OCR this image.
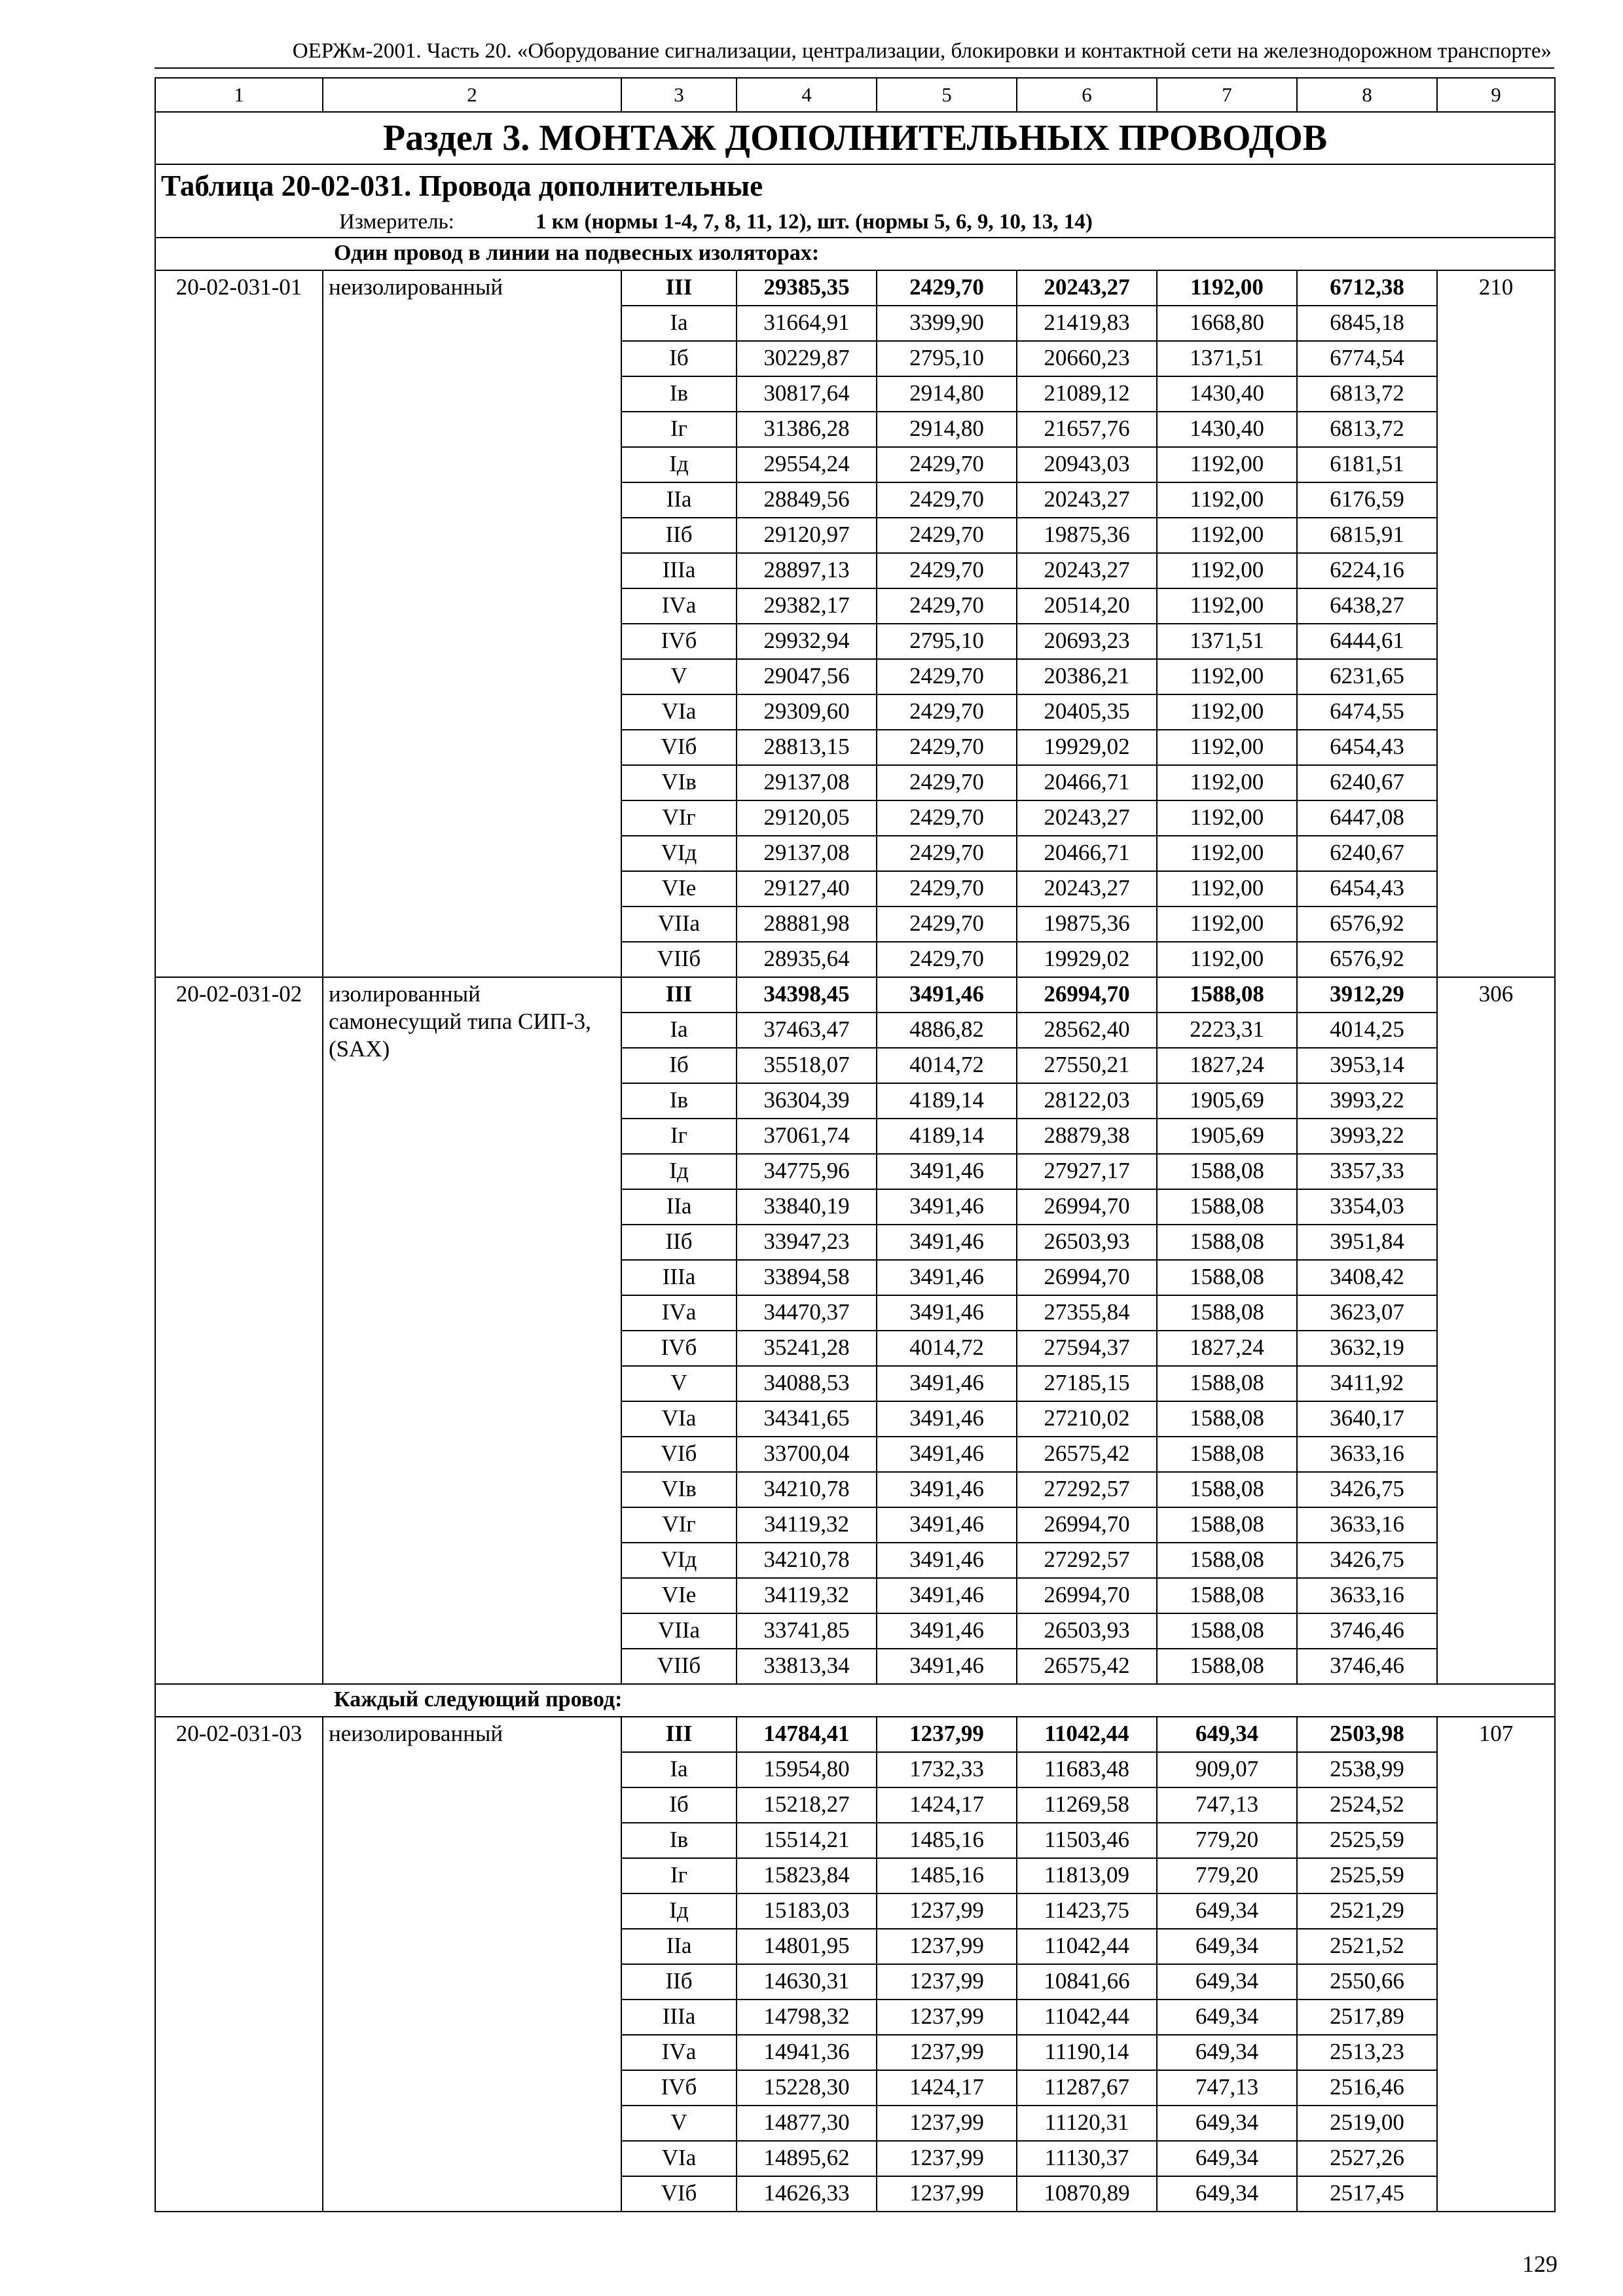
ОЕРЖм-2001. Часть 20. «Оборудование сигнализации, централизации, блокировки и контактной сети на железнодорожном транспорте»
1	2	3	4	5	6	7	8	9
Раздел 3. МОНТАЖ ДОПОЛНИТЕЛЬНЫХ ПРОВОДОВ								
Таблица 20-02-031. Провода дополнительные								
Измеритель: 1 км (нормы 1-4, 7, 8, 11, 12), шт. (нормы 5, 6, 9, 10, 13, 14)								
Один провод в линии на подвесных изоляторах:								
20-02-031-01	неизолированный	III	29385,35	2429,70	20243,27	1192,00	6712,38	210
		Iа	31664,91	3399,90	21419,83	1668,80	6845,18	
		Iб	30229,87	2795,10	20660,23	1371,51	6774,54	
		Iв	30817,64	2914,80	21089,12	1430,40	6813,72	
		Iг	31386,28	2914,80	21657,76	1430,40	6813,72	
		Iд	29554,24	2429,70	20943,03	1192,00	6181,51	
		IIа	28849,56	2429,70	20243,27	1192,00	6176,59	
		IIб	29120,97	2429,70	19875,36	1192,00	6815,91	
		IIIа	28897,13	2429,70	20243,27	1192,00	6224,16	
		IVа	29382,17	2429,70	20514,20	1192,00	6438,27	
		IVб	29932,94	2795,10	20693,23	1371,51	6444,61	
		V	29047,56	2429,70	20386,21	1192,00	6231,65	
		VIа	29309,60	2429,70	20405,35	1192,00	6474,55	
		VIб	28813,15	2429,70	19929,02	1192,00	6454,43	
		VIв	29137,08	2429,70	20466,71	1192,00	6240,67	
		VIг	29120,05	2429,70	20243,27	1192,00	6447,08	
		VIд	29137,08	2429,70	20466,71	1192,00	6240,67	
		VIе	29127,40	2429,70	20243,27	1192,00	6454,43	
		VIIа	28881,98	2429,70	19875,36	1192,00	6576,92	
		VIIб	28935,64	2429,70	19929,02	1192,00	6576,92	
20-02-031-02	изолированный самонесущий типа СИП-3, (SAX)	III	34398,45	3491,46	26994,70	1588,08	3912,29	306
		Iа	37463,47	4886,82	28562,40	2223,31	4014,25	
		Iб	35518,07	4014,72	27550,21	1827,24	3953,14	
		Iв	36304,39	4189,14	28122,03	1905,69	3993,22	
		Iг	37061,74	4189,14	28879,38	1905,69	3993,22	
		Iд	34775,96	3491,46	27927,17	1588,08	3357,33	
		IIа	33840,19	3491,46	26994,70	1588,08	3354,03	
		IIб	33947,23	3491,46	26503,93	1588,08	3951,84	
		IIIа	33894,58	3491,46	26994,70	1588,08	3408,42	
		IVа	34470,37	3491,46	27355,84	1588,08	3623,07	
		IVб	35241,28	4014,72	27594,37	1827,24	3632,19	
		V	34088,53	3491,46	27185,15	1588,08	3411,92	
		VIа	34341,65	3491,46	27210,02	1588,08	3640,17	
		VIб	33700,04	3491,46	26575,42	1588,08	3633,16	
		VIв	34210,78	3491,46	27292,57	1588,08	3426,75	
		VIг	34119,32	3491,46	26994,70	1588,08	3633,16	
		VIд	34210,78	3491,46	27292,57	1588,08	3426,75	
		VIе	34119,32	3491,46	26994,70	1588,08	3633,16	
		VIIа	33741,85	3491,46	26503,93	1588,08	3746,46	
		VIIб	33813,34	3491,46	26575,42	1588,08	3746,46	
Каждый следующий провод:								
20-02-031-03	неизолированный	III	14784,41	1237,99	11042,44	649,34	2503,98	107
		Iа	15954,80	1732,33	11683,48	909,07	2538,99	
		Iб	15218,27	1424,17	11269,58	747,13	2524,52	
		Iв	15514,21	1485,16	11503,46	779,20	2525,59	
		Iг	15823,84	1485,16	11813,09	779,20	2525,59	
		Iд	15183,03	1237,99	11423,75	649,34	2521,29	
		IIа	14801,95	1237,99	11042,44	649,34	2521,52	
		IIб	14630,31	1237,99	10841,66	649,34	2550,66	
		IIIа	14798,32	1237,99	11042,44	649,34	2517,89	
		IVа	14941,36	1237,99	11190,14	649,34	2513,23	
		IVб	15228,30	1424,17	11287,67	747,13	2516,46	
		V	14877,30	1237,99	11120,31	649,34	2519,00	
		VIа	14895,62	1237,99	11130,37	649,34	2527,26	
		VIб	14626,33	1237,99	10870,89	649,34	2517,45	
129
